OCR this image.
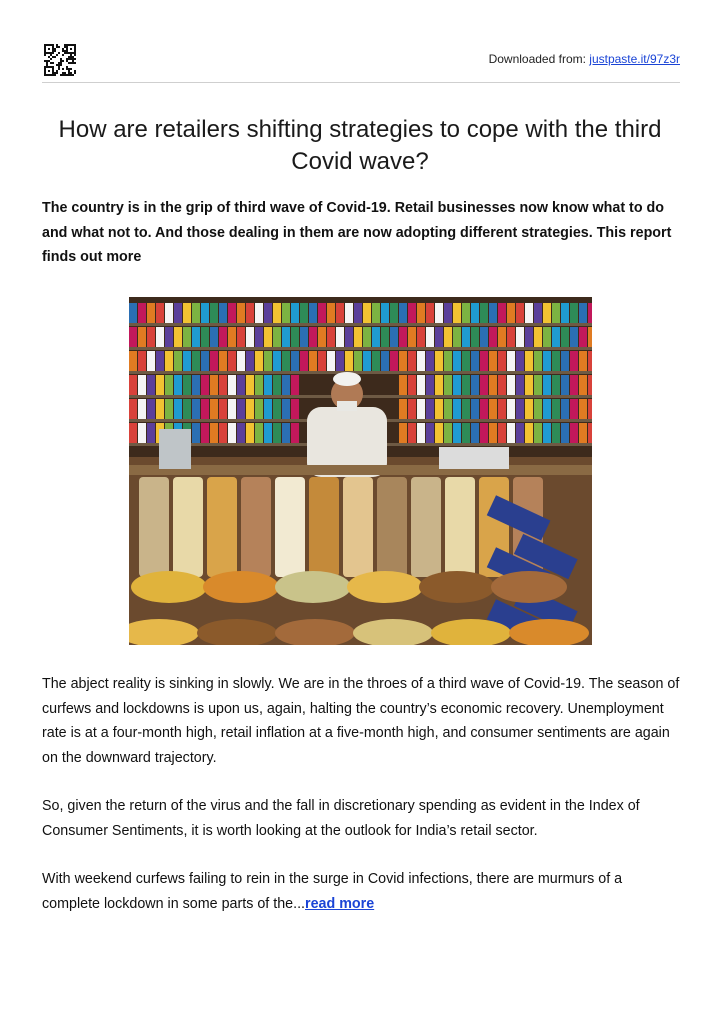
Downloaded from: justpaste.it/97z3r
How are retailers shifting strategies to cope with the third Covid wave?

The country is in the grip of third wave of Covid-19. Retail businesses now know what to do and what not to. And those dealing in them are now adopting different strategies. This report finds out more

The abject reality is sinking in slowly. We are in the throes of a third wave of Covid-19. The season of curfews and lockdowns is upon us, again, halting the country’s economic recovery. Unemployment rate is at a four-month high, retail inflation at a five-month high, and consumer sentiments are again on the downward trajectory.

So, given the return of the virus and the fall in discretionary spending as evident in the Index of Consumer Sentiments, it is worth looking at the outlook for India’s retail sector.

With weekend curfews failing to rein in the surge in Covid infections, there are murmurs of a complete lockdown in some parts of the...read more
